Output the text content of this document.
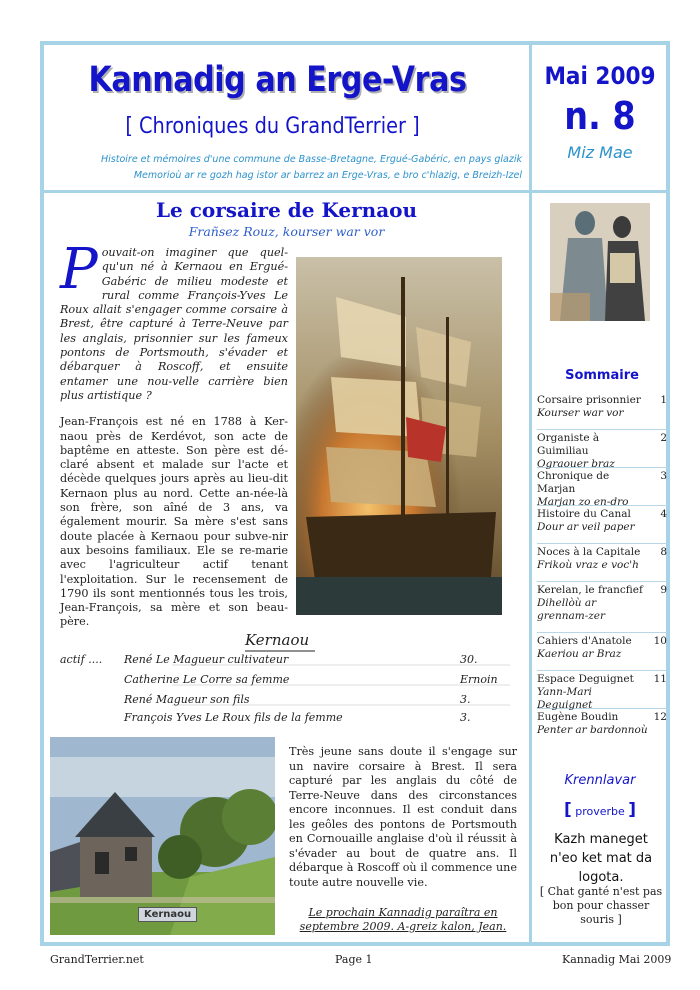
Kannadig an Erge-Vras
[ Chroniques du GrandTerrier ]
Histoire et mémoires d'une commune de Basse-Bretagne, Ergué-Gabéric, en pays glazik
Memorioù ar re gozh hag istor ar barrez an Erge-Vras, e bro c'hlazig, e Breizh-Izel
Mai 2009
n. 8
Miz Mae
Le corsaire de Kernaou
Frañsez Rouz, kourser war vor

Pouvait-on imaginer que quel-qu'un né à Kernaou en Ergué-Gabéric de milieu modeste et rural comme François-Yves Le Roux allait s'engager comme corsaire à Brest, être capturé à Terre-Neuve par les anglais, prisonnier sur les fameux pontons de Portsmouth, s'évader et débarquer à Roscoff, et ensuite entamer une nou-velle carrière bien plus artistique ?

Jean-François est né en 1788 à Ker-naou près de Kerdévot, son acte de baptême en atteste. Son père est dé-claré absent et malade sur l'acte et décède quelques jours après au lieu-dit Kernaon plus au nord. Cette an-née-là son frère, son aîné de 3 ans, va également mourir. Sa mère s'est sans doute placée à Kernaou pour subve-nir aux besoins familiaux. Ele se re-marie avec l'agriculteur actif tenant l'exploitation. Sur le recensement de 1790 ils sont mentionnés tous les trois, Jean-François, sa mère et son beau-père.

Kernaou
actif .... René Le Magueur cultivateur	30.
Catherine Le Corre sa femme	Ernoin
René Magueur son fils	3.
François Yves Le Roux fils de la femme	3.
Kernaou

Très jeune sans doute il s'engage sur un navire corsaire à Brest. Il sera capturé par les anglais du côté de Terre-Neuve dans des circonstances encore inconnues. Il est conduit dans les geôles des pontons de Portsmouth en Cornouaille anglaise d'où il réussit à s'évader au bout de quatre ans. Il débarque à Roscoff où il commence une toute autre nouvelle vie.

Le prochain Kannadig paraîtra en septembre 2009. A-greiz kalon, Jean.
Sommaire
Corsaire prisonnier
Kourser war vor
1
Organiste à Guimiliau
Ograouer braz
2
Chronique de Marjan
Marjan zo en-dro
3
Histoire du Canal
Dour ar veil paper
4
Noces à la Capitale
Frikoù vraz e voc'h
8
Kerelan, le francfief
Dihellòù ar grennam-zer
9
Cahiers d'Anatole
Kaeriou ar Braz
10
Espace Deguignet
Yann-Mari Deguignet
11
Eugène Boudin
Penter ar bardonnoù
12
Krennlavar
[ proverbe ]
Kazh maneget n'eo ket mat da logota.
[ Chat ganté n'est pas bon pour chasser souris ]
GrandTerrier.net	Page 1	Kannadig Mai 2009
